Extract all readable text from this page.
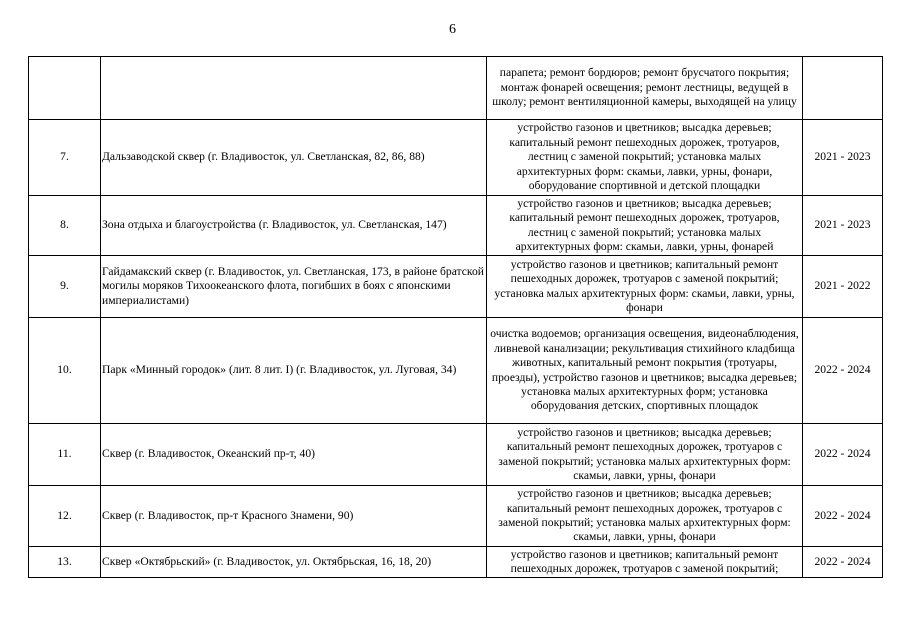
6
		парапета; ремонт бордюров; ремонт брусчатого покрытия; монтаж фонарей освещения; ремонт лестницы, ведущей в школу; ремонт вентиляционной камеры, выходящей на улицу	
7.	Дальзаводской сквер (г. Владивосток, ул. Светланская, 82, 86, 88)	устройство газонов и цветников; высадка деревьев; капитальный ремонт пешеходных дорожек, тротуаров, лестниц с заменой покрытий; установка малых архитектурных форм: скамьи, лавки, урны, фонари, оборудование спортивной и детской площадки	2021 - 2023
8.	Зона отдыха и благоустройства (г. Владивосток, ул. Светланская, 147)	устройство газонов и цветников; высадка деревьев; капитальный ремонт пешеходных дорожек, тротуаров, лестниц с заменой покрытий; установка малых архитектурных форм: скамьи, лавки, урны, фонарей	2021 - 2023
9.	Гайдамакский сквер (г. Владивосток, ул. Светланская, 173, в районе братской могилы моряков Тихоокеанского флота, погибших в боях с японскими империалистами)	устройство газонов и цветников; капитальный ремонт пешеходных дорожек, тротуаров с заменой покрытий; установка малых архитектурных форм: скамьи, лавки, урны, фонари	2021 - 2022
10.	Парк «Минный городок» (лит. 8 лит. I) (г. Владивосток, ул. Луговая, 34)	очистка водоемов; организация освещения, видеонаблюдения, ливневой канализации; рекультивация стихийного кладбища животных, капитальный ремонт покрытия (тротуары, проезды), устройство газонов и цветников; высадка деревьев; установка малых архитектурных форм; установка оборудования детских, спортивных площадок	2022 - 2024
11.	Сквер (г. Владивосток, Океанский пр-т, 40)	устройство газонов и цветников; высадка деревьев; капитальный ремонт пешеходных дорожек, тротуаров с заменой покрытий; установка малых архитектурных форм: скамьи, лавки, урны, фонари	2022 - 2024
12.	Сквер (г. Владивосток, пр-т Красного Знамени, 90)	устройство газонов и цветников; высадка деревьев; капитальный ремонт пешеходных дорожек, тротуаров с заменой покрытий; установка малых архитектурных форм: скамьи, лавки, урны, фонари	2022 - 2024
13.	Сквер «Октябрьский» (г. Владивосток, ул. Октябрьская, 16, 18, 20)	устройство газонов и цветников; капитальный ремонт пешеходных дорожек, тротуаров с заменой покрытий;	2022 - 2024
